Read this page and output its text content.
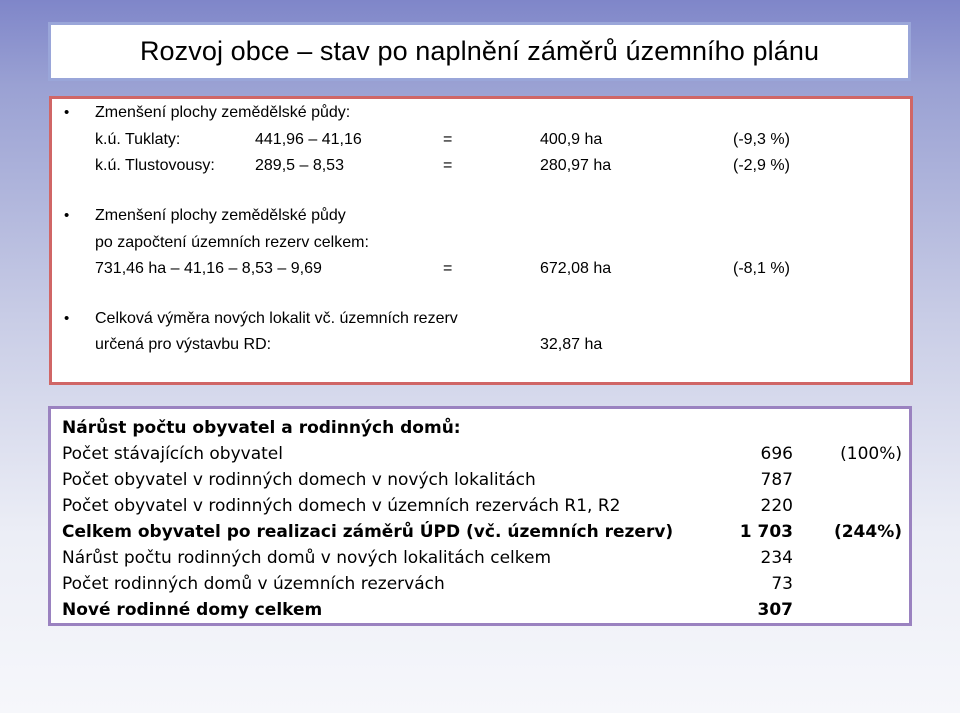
Rozvoj obce – stav po naplnění záměrů územního plánu
• Zmenšení plochy zemědělské půdy:
k.ú. Tuklaty:	441,96 – 41,16	=	400,9 ha	(-9,3 %)
k.ú. Tlustovousy:	289,5 – 8,53	=	280,97 ha	(-2,9 %)
• Zmenšení plochy zemědělské půdy
po započtení územních rezerv celkem:
731,46 ha – 41,16 – 8,53 – 9,69	=	672,08 ha	(-8,1 %)
• Celková výměra nových lokalit vč. územních rezerv
určená pro výstavbu RD:	32,87 ha
Nárůst počtu obyvatel a rodinných domů:
Počet stávajících obyvatel	696	(100%)
Počet obyvatel v rodinných domech v nových lokalitách	787
Počet obyvatel v rodinných domech v územních rezervách R1, R2	220
Celkem obyvatel po realizaci záměrů ÚPD (vč. územních rezerv)	1 703 (244%)
Nárůst počtu rodinných domů v nových lokalitách celkem	234
Počet rodinných domů v územních rezervách	73
Nové rodinné domy celkem	307
